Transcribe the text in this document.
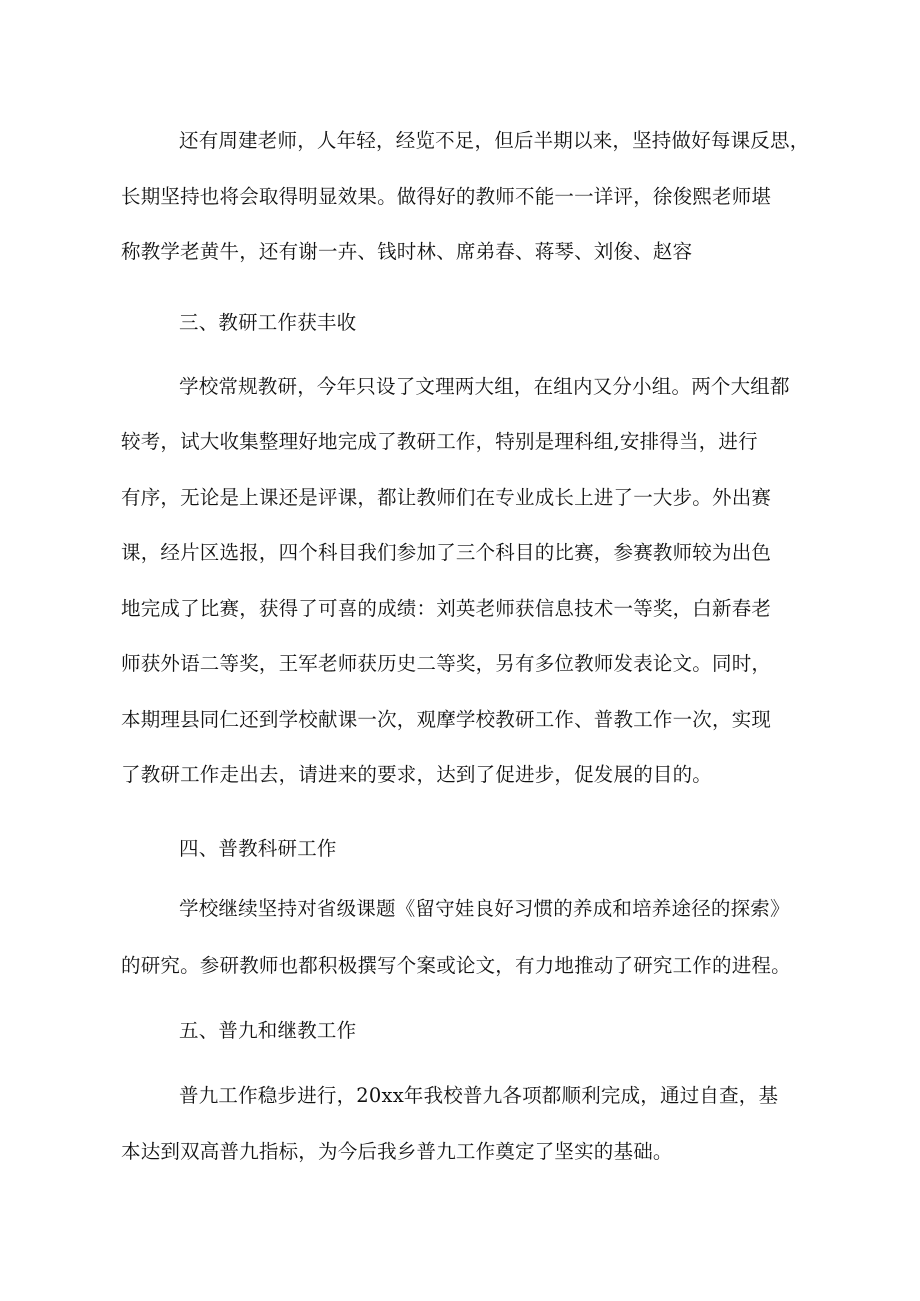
还有周建老师，人年轻，经览不足，但后半期以来，坚持做好每课反思，
长期坚持也将会取得明显效果。做得好的教师不能一一详评，徐俊熙老师堪
称教学老黄牛，还有谢一卉、钱时林、席弟春、蒋琴、刘俊、赵容
三、教研工作获丰收
学校常规教研，今年只设了文理两大组，在组内又分小组。两个大组都
较考，试大收集整理好地完成了教研工作，特别是理科组,安排得当，进行
有序，无论是上课还是评课，都让教师们在专业成长上进了一大步。外出赛
课，经片区选报，四个科目我们参加了三个科目的比赛，参赛教师较为出色
地完成了比赛，获得了可喜的成绩：刘英老师获信息技术一等奖，白新春老
师获外语二等奖，王军老师获历史二等奖，另有多位教师发表论文。同时，
本期理县同仁还到学校献课一次，观摩学校教研工作、普教工作一次，实现
了教研工作走出去，请进来的要求，达到了促进步，促发展的目的。
四、普教科研工作
学校继续坚持对省级课题《留守娃良好习惯的养成和培养途径的探索》
的研究。参研教师也都积极撰写个案或论文，有力地推动了研究工作的进程。
五、普九和继教工作
普九工作稳步进行，20xx年我校普九各项都顺利完成，通过自查，基
本达到双高普九指标，为今后我乡普九工作奠定了坚实的基础。
